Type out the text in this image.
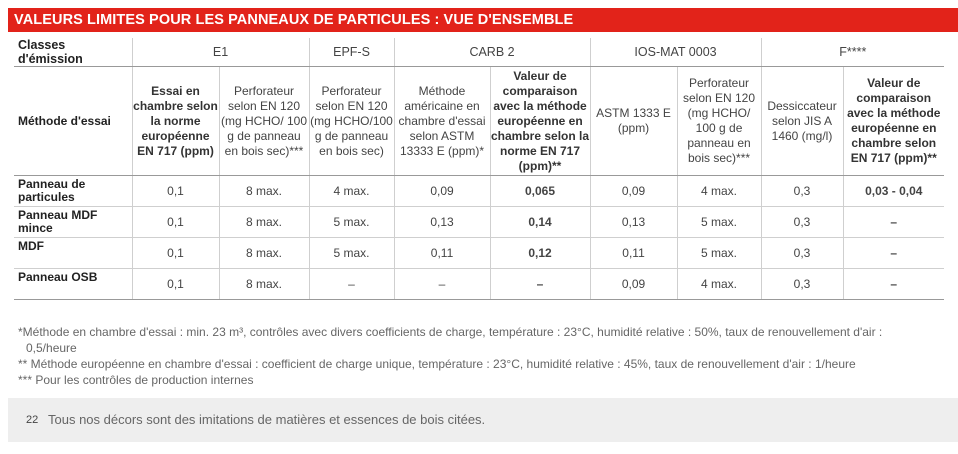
VALEURS LIMITES POUR LES PANNEAUX DE PARTICULES : VUE D'ENSEMBLE
Classes d'émission	E1		EPF-S	CARB 2		IOS-MAT 0003		F****	
Méthode d'essai	Essai en chambre selon la norme européenne EN 717 (ppm)	Perforateur selon EN 120 (mg HCHO/ 100 g de panneau en bois sec)***	Perforateur selon EN 120 (mg HCHO/100 g de panneau en bois sec)	Méthode américaine en chambre d'essai selon ASTM 13333 E (ppm)*	Valeur de comparaison avec la méthode européenne en chambre selon la norme EN 717 (ppm)**	ASTM 1333 E (ppm)	Perforateur selon EN 120 (mg HCHO/ 100 g de panneau en bois sec)***	Dessiccateur selon JIS A 1460 (mg/l)	Valeur de comparaison avec la méthode européenne en chambre selon EN 717 (ppm)**
Panneau de particules	0,1	8 max.	4 max.	0,09	0,065	0,09	4 max.	0,3	0,03 - 0,04
Panneau MDF mince	0,1	8 max.	5 max.	0,13	0,14	0,13	5 max.	0,3	–
MDF	0,1	8 max.	5 max.	0,11	0,12	0,11	5 max.	0,3	–
Panneau OSB	0,1	8 max.	–	–	–	0,09	4 max.	0,3	–

*Méthode en chambre d'essai : min. 23 m³, contrôles avec divers coefficients de charge, température : 23°C, humidité relative : 50%, taux de renouvellement d'air :

0,5/heure

** Méthode européenne en chambre d'essai : coefficient de charge unique, température : 23°C, humidité relative : 45%, taux de renouvellement d'air : 1/heure

*** Pour les contrôles de production internes

22 Tous nos décors sont des imitations de matières et essences de bois citées.
